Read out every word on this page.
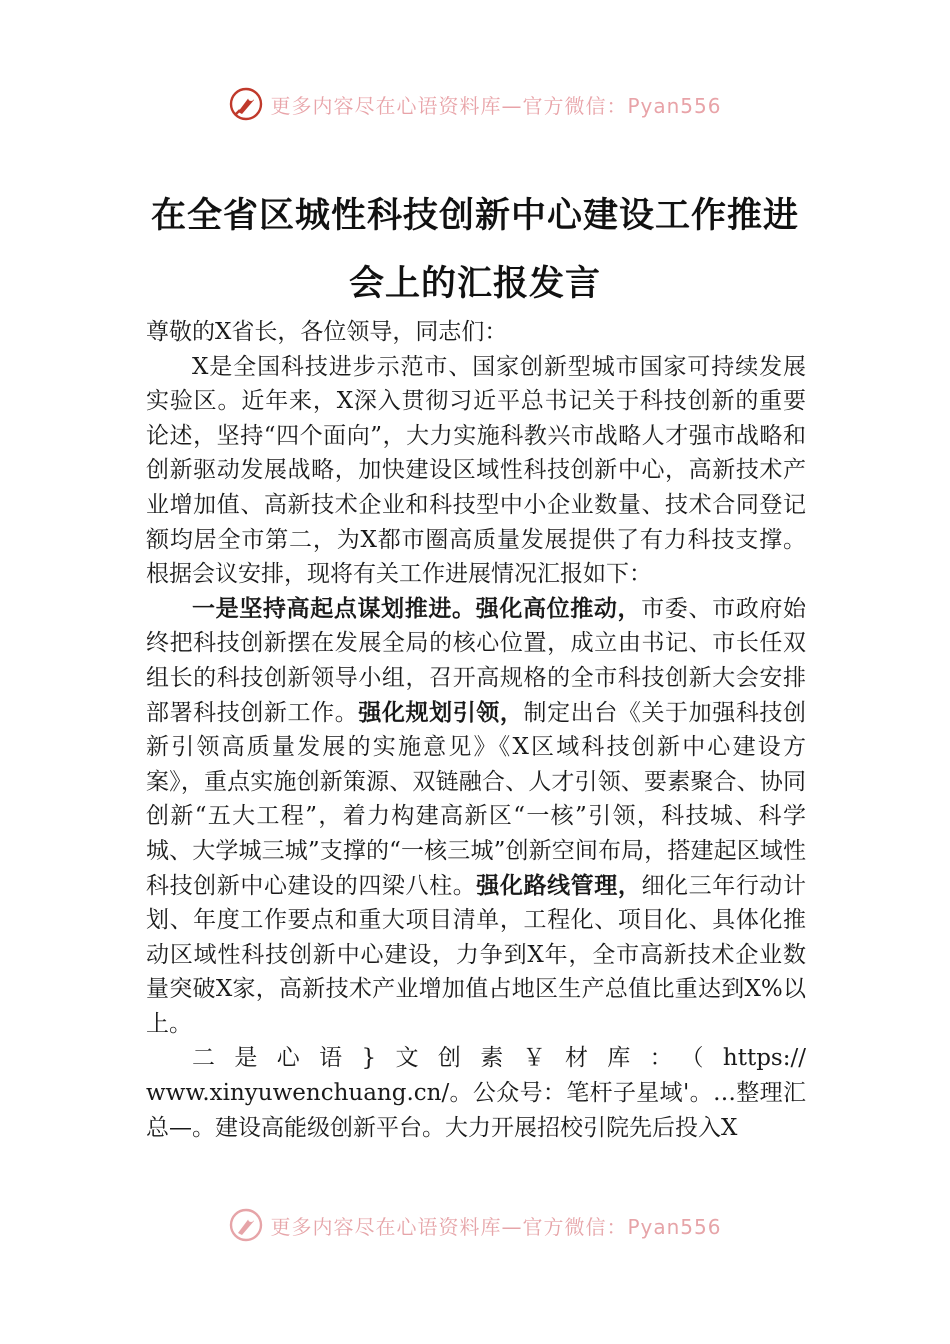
更多内容尽在心语资料库—官方微信：Pyan556
在全省区城性科技创新中心建设工作推进
会上的汇报发言

尊敬的X省长，各位领导，同志们：

X是全国科技进步示范市、国家创新型城市国家可持续发展实验区。近年来，X深入贯彻习近平总书记关于科技创新的重要论述，坚持“四个面向”，大力实施科教兴市战略人才强市战略和创新驱动发展战略，加快建设区域性科技创新中心，高新技术产业增加值、高新技术企业和科技型中小企业数量、技术合同登记额均居全市第二，为X都市圈高质量发展提供了有力科技支撑。根据会议安排，现将有关工作进展情况汇报如下：

一是坚持高起点谋划推进。强化高位推动，市委、市政府始终把科技创新摆在发展全局的核心位置，成立由书记、市长任双组长的科技创新领导小组，召开高规格的全市科技创新大会安排部署科技创新工作。强化规划引领，制定出台《关于加强科技创新引领高质量发展的实施意见》《X区域科技创新中心建设方案》，重点实施创新策源、双链融合、人才引领、要素聚合、协同创新“五大工程”，着力构建高新区“一核”引领，科技城、科学城、大学城三城”支撑的“一核三城”创新空间布局，搭建起区域性科技创新中心建设的四梁八柱。强化路线管理，细化三年行动计划、年度工作要点和重大项目清单，工程化、项目化、具体化推动区域性科技创新中心建设，力争到X年，全市高新技术企业数量突破X家，高新技术产业增加值占地区生产总值比重达到X%以上。

二是心语}文创素￥材库：（https://

www.xinyuwenchuang.cn/。公众号：笔杆子星域'。…整理汇总—。建设高能级创新平台。大力开展招校引院先后投入X

更多内容尽在心语资料库—官方微信：Pyan556
